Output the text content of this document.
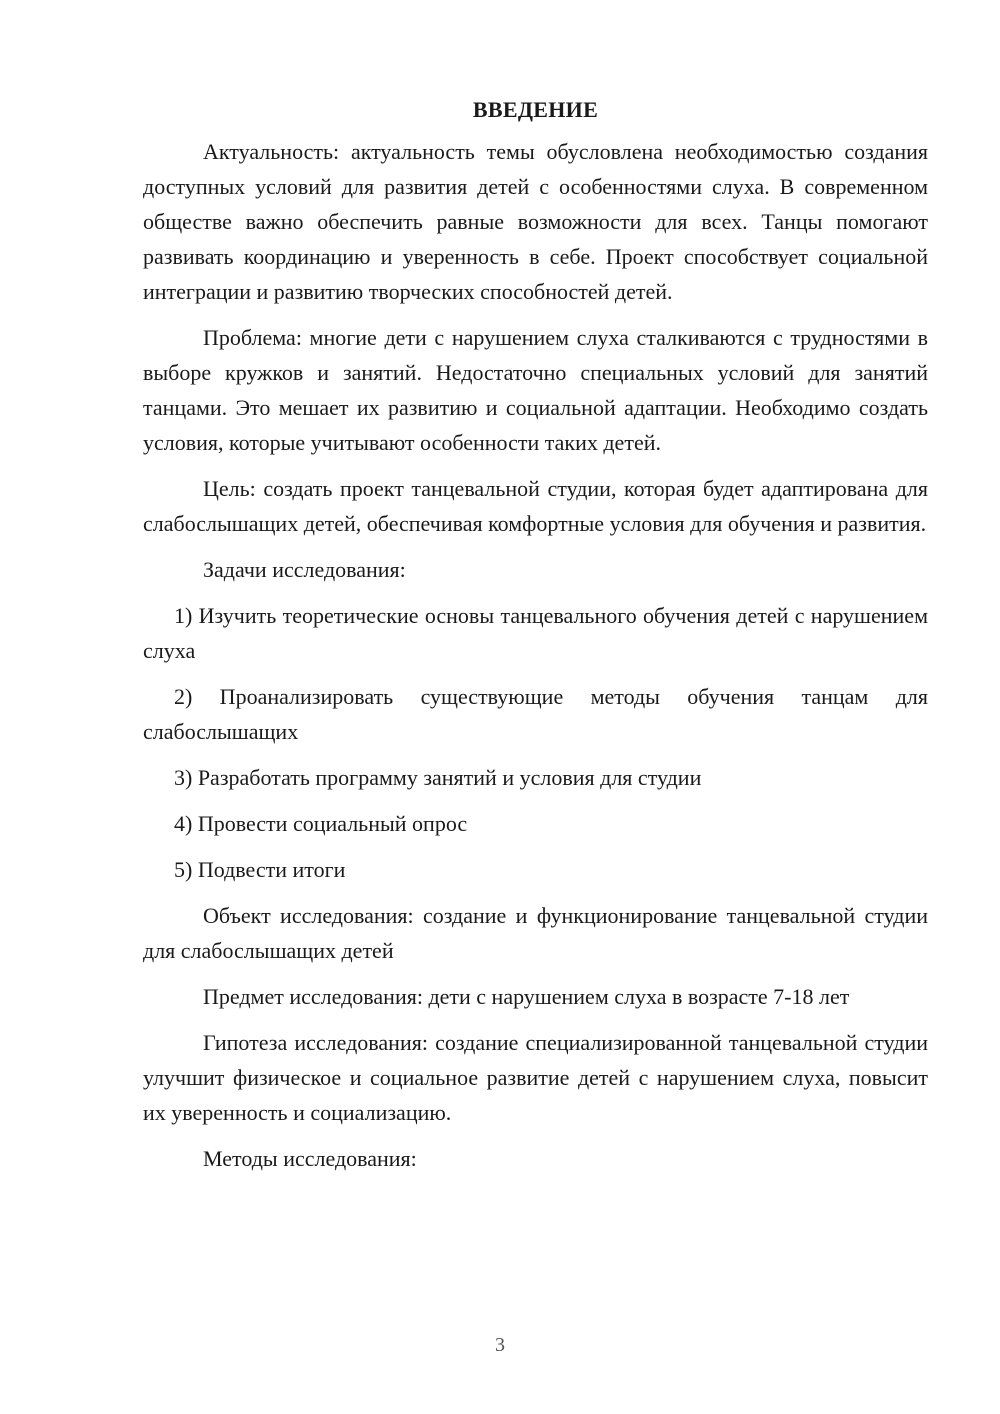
ВВЕДЕНИЕ

Актуальность: актуальность темы обусловлена необходимостью создания доступных условий для развития детей с особенностями слуха. В современном обществе важно обеспечить равные возможности для всех. Танцы помогают развивать координацию и уверенность в себе. Проект способствует социальной интеграции и развитию творческих способностей детей.

Проблема: многие дети с нарушением слуха сталкиваются с трудностями в выборе кружков и занятий. Недостаточно специальных условий для занятий танцами. Это мешает их развитию и социальной адаптации. Необходимо создать условия, которые учитывают особенности таких детей.

Цель: создать проект танцевальной студии, которая будет адаптирована для слабослышащих детей, обеспечивая комфортные условия для обучения и развития.

Задачи исследования:

1) Изучить теоретические основы танцевального обучения детей с нарушением слуха

2) Проанализировать существующие методы обучения танцам для слабослышащих

3) Разработать программу занятий и условия для студии

4) Провести социальный опрос

5) Подвести итоги

Объект исследования: создание и функционирование танцевальной студии для слабослышащих детей

Предмет исследования: дети с нарушением слуха в возрасте 7-18 лет

Гипотеза исследования: создание специализированной танцевальной студии улучшит физическое и социальное развитие детей с нарушением слуха, повысит их уверенность и социализацию.

Методы исследования:

3
